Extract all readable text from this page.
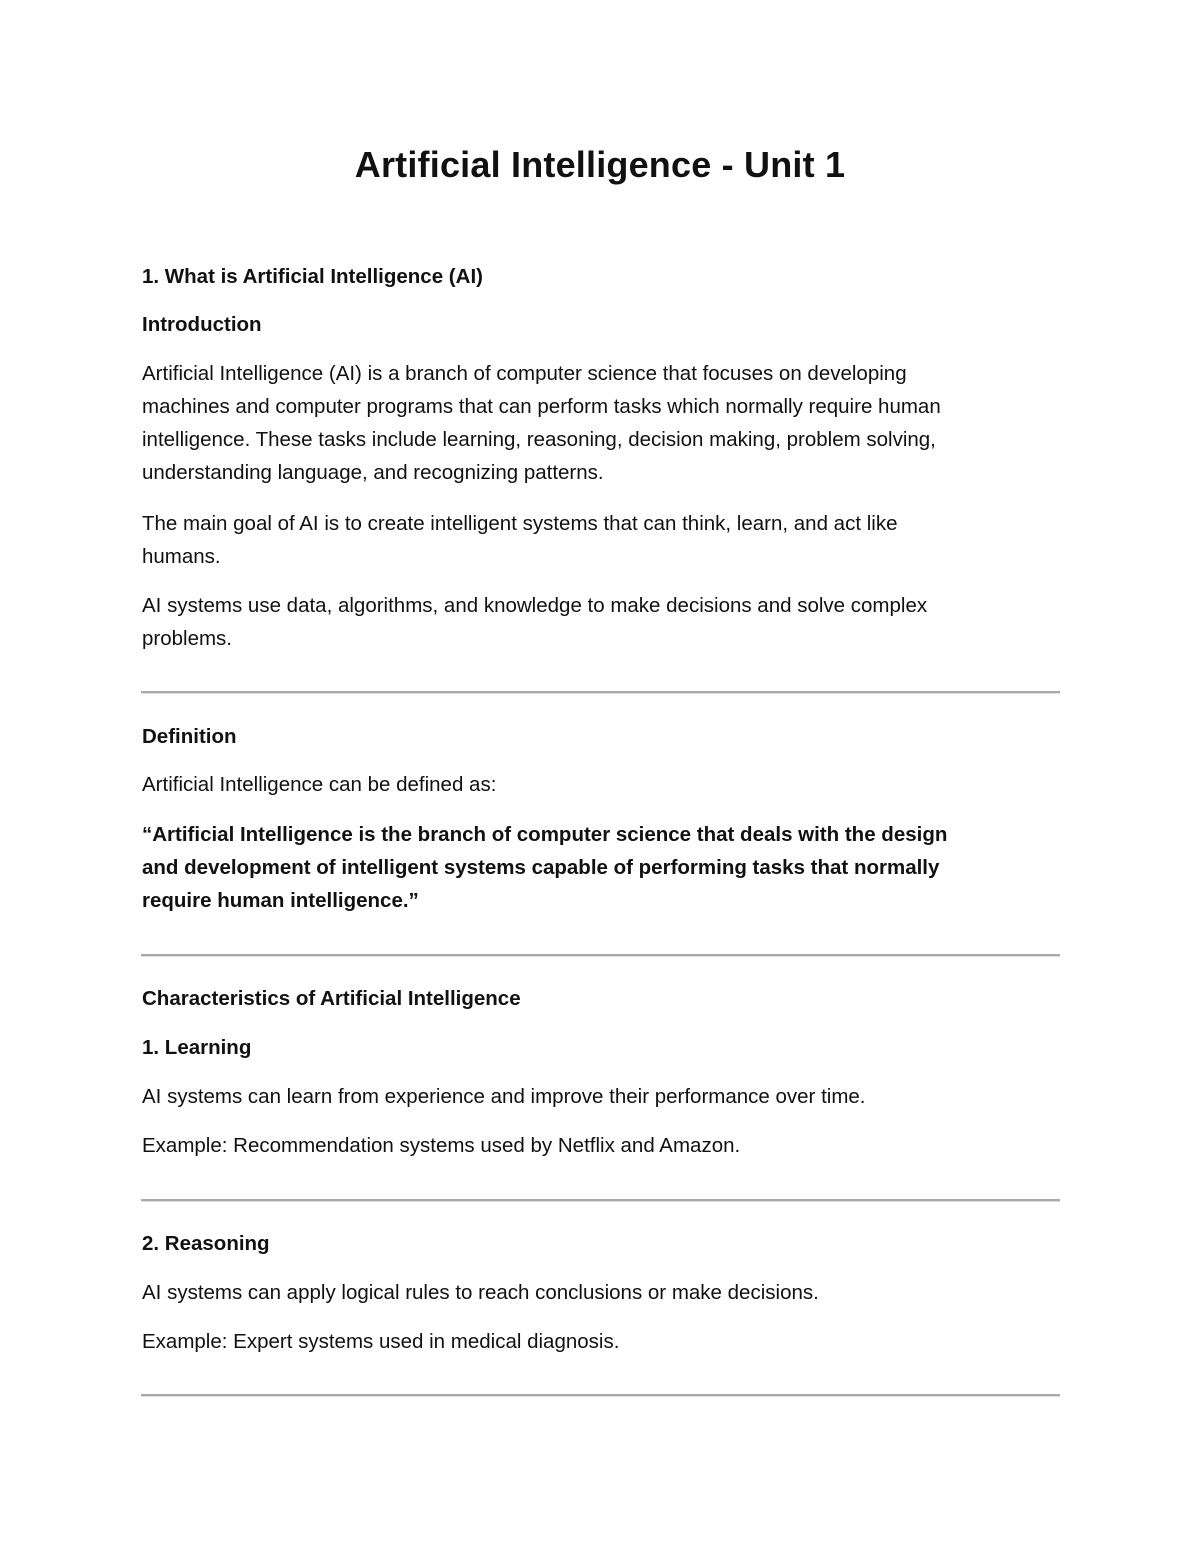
Artificial Intelligence - Unit 1

1. What is Artificial Intelligence (AI)

Introduction

Artificial Intelligence (AI) is a branch of computer science that focuses on developing

machines and computer programs that can perform tasks which normally require human

intelligence. These tasks include learning, reasoning, decision making, problem solving,

understanding language, and recognizing patterns.

The main goal of AI is to create intelligent systems that can think, learn, and act like

humans.

AI systems use data, algorithms, and knowledge to make decisions and solve complex

problems.

Definition

Artificial Intelligence can be defined as:

“Artificial Intelligence is the branch of computer science that deals with the design

and development of intelligent systems capable of performing tasks that normally

require human intelligence.”

Characteristics of Artificial Intelligence

1. Learning

AI systems can learn from experience and improve their performance over time.

Example: Recommendation systems used by Netflix and Amazon.

2. Reasoning

AI systems can apply logical rules to reach conclusions or make decisions.

Example: Expert systems used in medical diagnosis.
